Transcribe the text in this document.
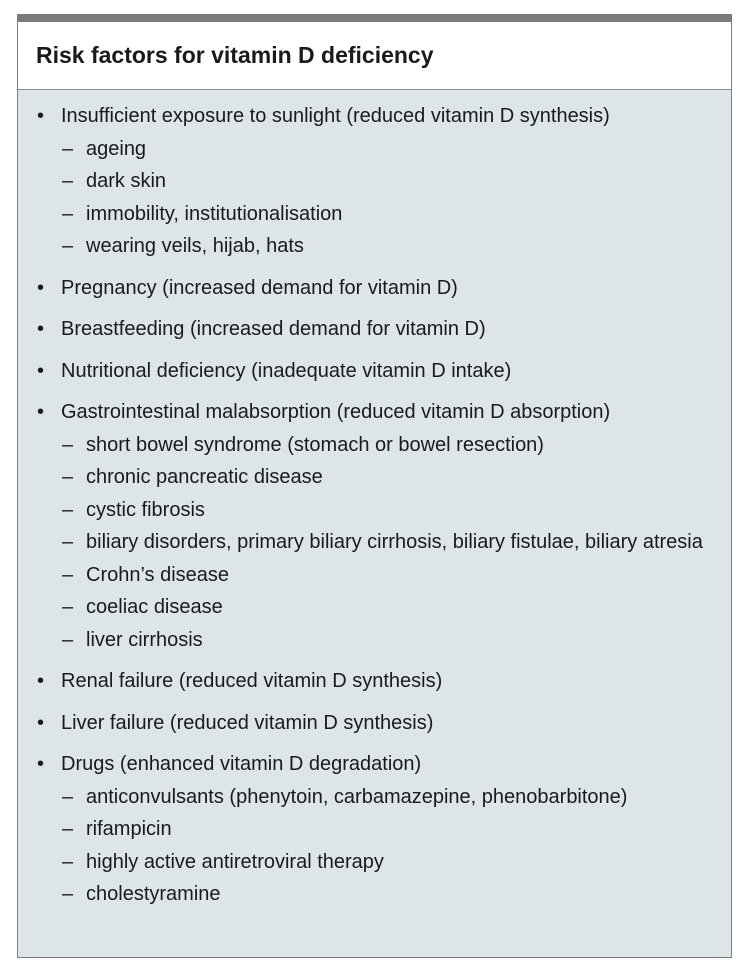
Risk factors for vitamin D deficiency
• Insufficient exposure to sunlight (reduced vitamin D synthesis)
– ageing
– dark skin
– immobility, institutionalisation
– wearing veils, hijab, hats
• Pregnancy (increased demand for vitamin D)
• Breastfeeding (increased demand for vitamin D)
• Nutritional deficiency (inadequate vitamin D intake)
• Gastrointestinal malabsorption (reduced vitamin D absorption)
– short bowel syndrome (stomach or bowel resection)
– chronic pancreatic disease
– cystic fibrosis
– biliary disorders, primary biliary cirrhosis, biliary fistulae, biliary atresia
– Crohn’s disease
– coeliac disease
– liver cirrhosis
• Renal failure (reduced vitamin D synthesis)
• Liver failure (reduced vitamin D synthesis)
• Drugs (enhanced vitamin D degradation)
– anticonvulsants (phenytoin, carbamazepine, phenobarbitone)
– rifampicin
– highly active antiretroviral therapy
– cholestyramine
